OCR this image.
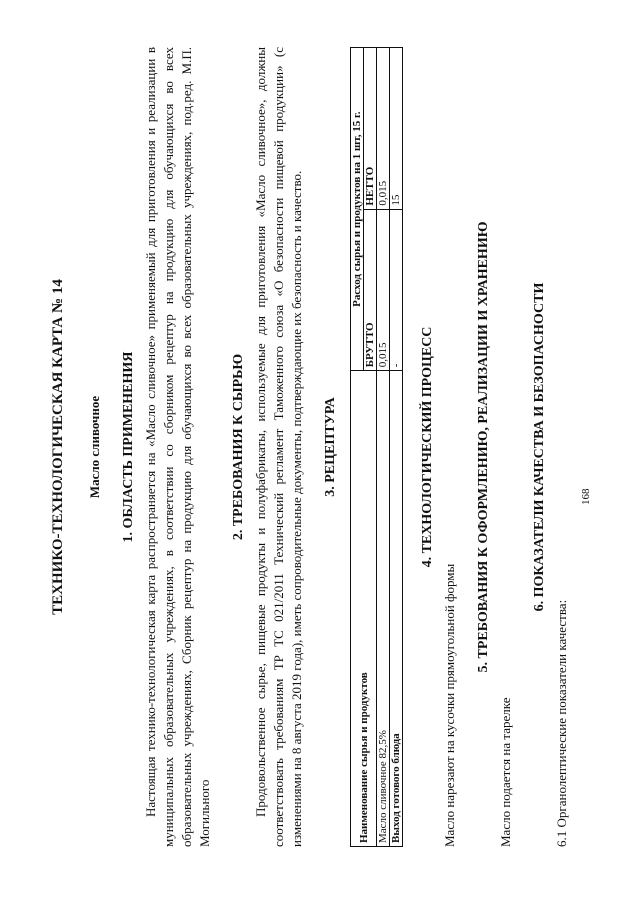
ТЕХНИКО-ТЕХНОЛОГИЧЕСКАЯ КАРТА № 14 Масло сливочное 1. ОБЛАСТЬ ПРИМЕНЕНИЯ Настоящая технико-технологическая карта распространяется на «Масло сливочное» применяемый для приготовления и реализации в муниципальных образовательных учреждениях, в соответствии со сборником рецептур на продукцию для обучающихся во всех образовательных учреждениях, Сборник рецептур на продукцию для обучающихся во всех образовательных учреждениях, под.ред. М.П. Могильного

2. ТРЕБОВАНИЯ К СЫРЬЮ Продовольственное сырье, пищевые продукты и полуфабрикаты, используемые для приготовления «Масло сливочное», должны соответствовать требованиям ТР ТС 021/2011 Технический регламент Таможенного союза «О безопасности пищевой продукции» (с изменениями на 8 августа 2019 года), иметь сопроводительные документы, подтверждающие их безопасность и качество. 3. РЕЦЕПТУРА

Наименование сырья и продуктов	Расход сырья и продуктов на 1 шт, 15 г.	
	БРУТТО	НЕТТО
Масло сливочное 82,5%	0,015	0,015
Выход готового блюда	-	15

4. ТЕХНОЛОГИЧЕСКИЙ ПРОЦЕСС

Масло нарезают на кусочки прямоугольной формы

5. ТРЕБОВАНИЯ К ОФОРМЛЕНИЮ, РЕАЛИЗАЦИИ И ХРАНЕНИЮ

Масло подается на тарелке

6. ПОКАЗАТЕЛИ КАЧЕСТВА И БЕЗОПАСНОСТИ

6.1 Органолептические показатели качества:

168
